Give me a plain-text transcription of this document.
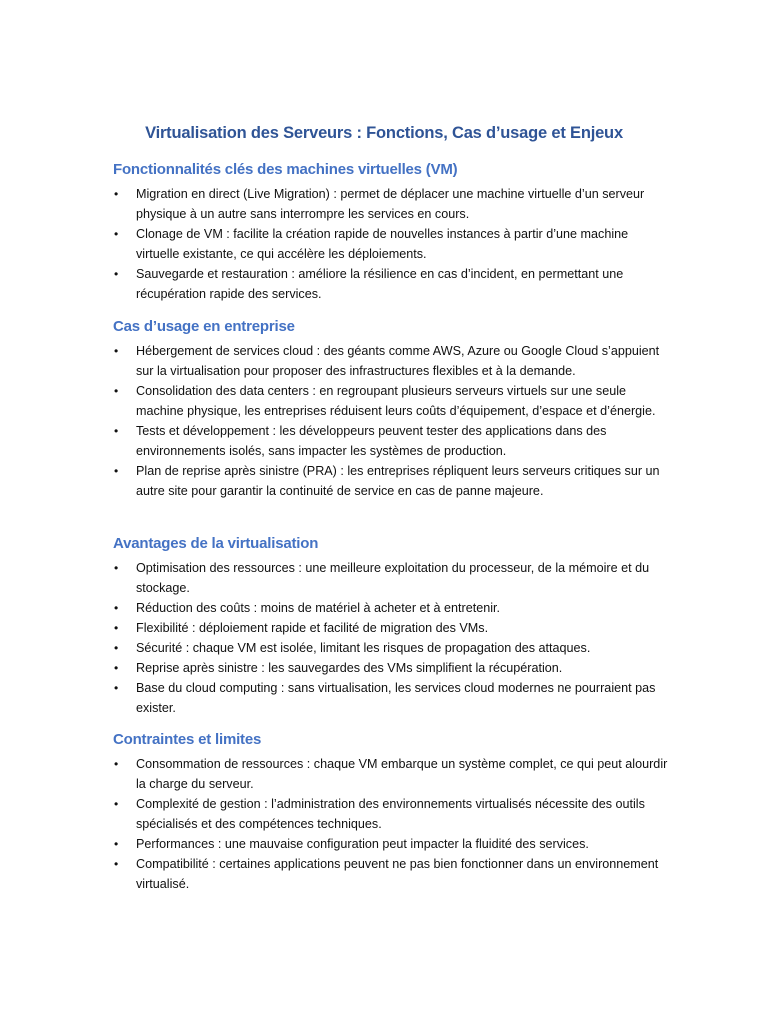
Virtualisation des Serveurs : Fonctions, Cas d’usage et Enjeux
Fonctionnalités clés des machines virtuelles (VM)
• Migration en direct (Live Migration) : permet de déplacer une machine virtuelle d’un serveur physique à un autre sans interrompre les services en cours.
• Clonage de VM : facilite la création rapide de nouvelles instances à partir d’une machine virtuelle existante, ce qui accélère les déploiements.
• Sauvegarde et restauration : améliore la résilience en cas d’incident, en permettant une récupération rapide des services.
Cas d’usage en entreprise
• Hébergement de services cloud : des géants comme AWS, Azure ou Google Cloud s’appuient sur la virtualisation pour proposer des infrastructures flexibles et à la demande.
• Consolidation des data centers : en regroupant plusieurs serveurs virtuels sur une seule machine physique, les entreprises réduisent leurs coûts d’équipement, d’espace et d’énergie.
• Tests et développement : les développeurs peuvent tester des applications dans des environnements isolés, sans impacter les systèmes de production.
• Plan de reprise après sinistre (PRA) : les entreprises répliquent leurs serveurs critiques sur un autre site pour garantir la continuité de service en cas de panne majeure.
Avantages de la virtualisation
• Optimisation des ressources : une meilleure exploitation du processeur, de la mémoire et du stockage.
• Réduction des coûts : moins de matériel à acheter et à entretenir.
• Flexibilité : déploiement rapide et facilité de migration des VMs.
• Sécurité : chaque VM est isolée, limitant les risques de propagation des attaques.
• Reprise après sinistre : les sauvegardes des VMs simplifient la récupération.
• Base du cloud computing : sans virtualisation, les services cloud modernes ne pourraient pas exister.
Contraintes et limites
• Consommation de ressources : chaque VM embarque un système complet, ce qui peut alourdir la charge du serveur.
• Complexité de gestion : l’administration des environnements virtualisés nécessite des outils spécialisés et des compétences techniques.
• Performances : une mauvaise configuration peut impacter la fluidité des services.
• Compatibilité : certaines applications peuvent ne pas bien fonctionner dans un environnement virtualisé.
